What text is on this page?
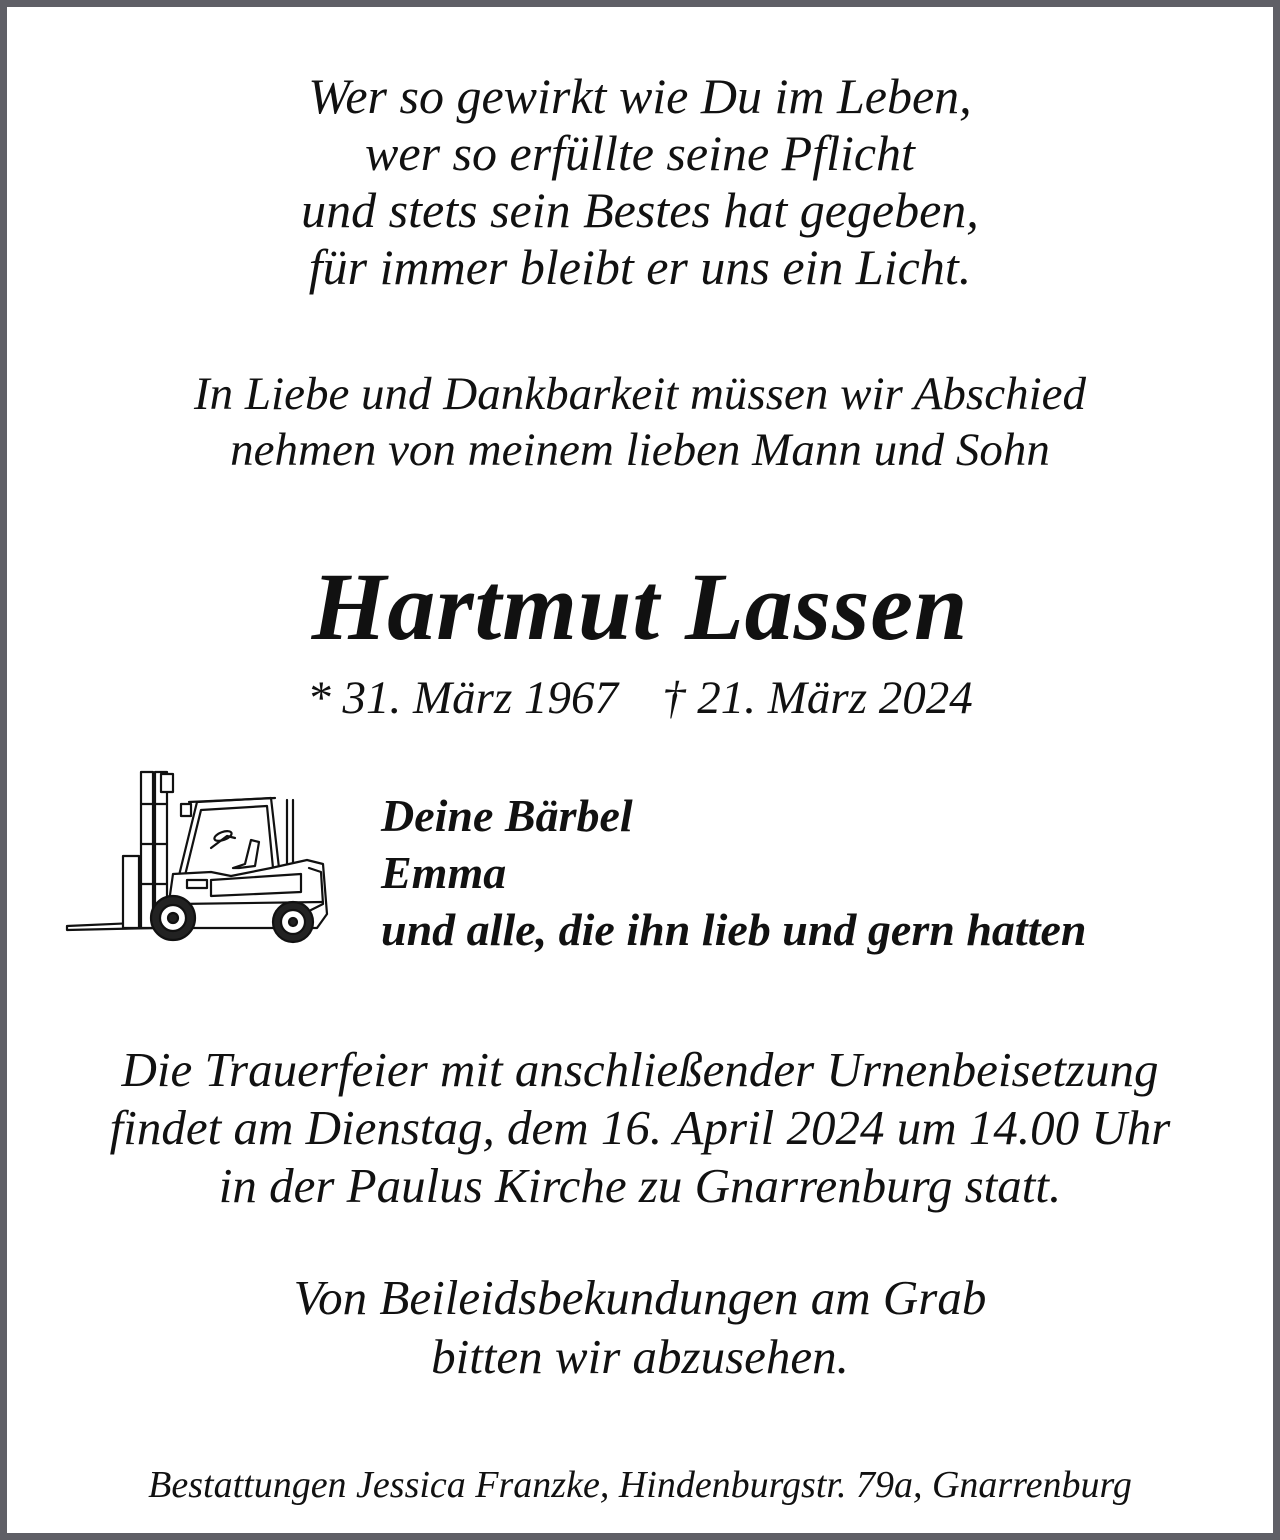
Wer so gewirkt wie Du im Leben,
wer so erfüllte seine Pflicht
und stets sein Bestes hat gegeben,
für immer bleibt er uns ein Licht.
In Liebe und Dankbarkeit müssen wir Abschied
nehmen von meinem lieben Mann und Sohn
Hartmut Lassen
* 31. März 1967 † 21. März 2024
Deine Bärbel
Emma
und alle, die ihn lieb und gern hatten
Die Trauerfeier mit anschließender Urnenbeisetzung
findet am Dienstag, dem 16. April 2024 um 14.00 Uhr
in der Paulus Kirche zu Gnarrenburg statt.
Von Beileidsbekundungen am Grab
bitten wir abzusehen.
Bestattungen Jessica Franzke, Hindenburgstr. 79a, Gnarrenburg
